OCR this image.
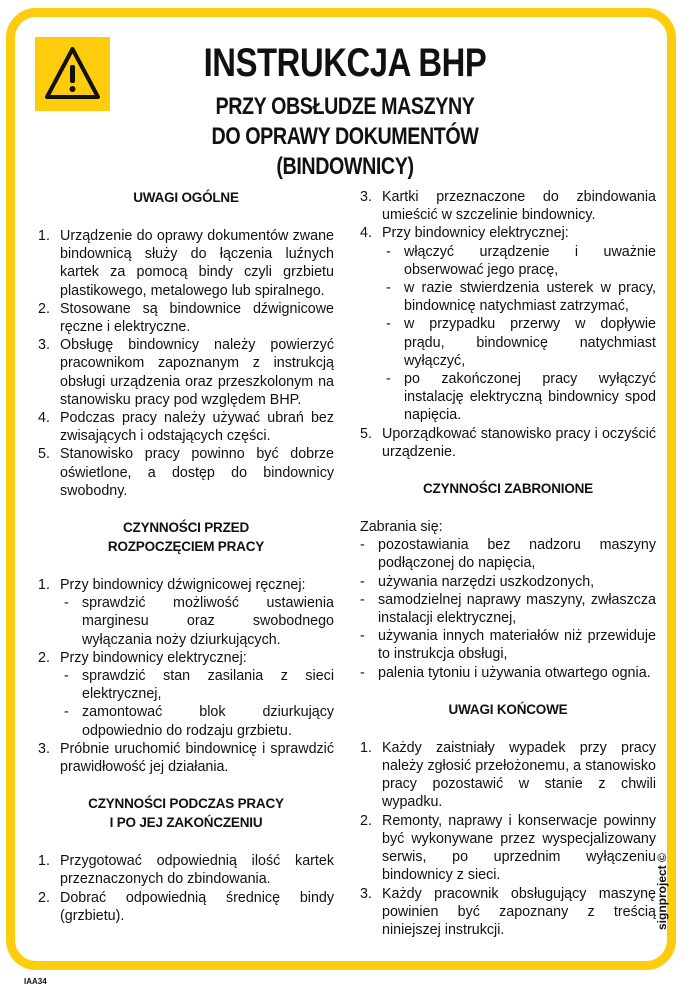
INSTRUKCJA BHP
PRZY OBSŁUDZE MASZYNY
DO OPRAWY DOKUMENTÓW (BINDOWNICY)

UWAGI OGÓLNE

1. Urządzenie do oprawy dokumentów zwane bindownicą służy do łączenia luźnych kartek za pomocą bindy czyli grzbietu plastikowego, metalowego lub spiralnego.
2. Stosowane są bindownice dźwignicowe ręczne i elektryczne.
3. Obsługę bindownicy należy powierzyć pracownikom zapoznanym z instrukcją obsługi urządzenia oraz przeszkolonym na stanowisku pracy pod względem BHP.
4. Podczas pracy należy używać ubrań bez zwisających i odstających części.
5. Stanowisko pracy powinno być dobrze oświetlone, a dostęp do bindownicy swobodny.

CZYNNOŚCI PRZED

ROZPOCZĘCIEM PRACY

1. Przy bindownicy dźwignicowej ręcznej:
- sprawdzić możliwość ustawienia marginesu oraz swobodnego wyłączania noży dziurkujących.
2. Przy bindownicy elektrycznej:
- sprawdzić stan zasilania z sieci elektrycznej,
- zamontować blok dziurkujący odpowiednio do rodzaju grzbietu.
3. Próbnie uruchomić bindownicę i sprawdzić prawidłowość jej działania.

CZYNNOŚCI PODCZAS PRACY

I PO JEJ ZAKOŃCZENIU

1. Przygotować odpowiednią ilość kartek przeznaczonych do zbindowania.
2. Dobrać odpowiednią średnicę bindy (grzbietu).
3. Kartki przeznaczone do zbindowania umieścić w szczelinie bindownicy.
4. Przy bindownicy elektrycznej:
- włączyć urządzenie i uważnie obserwować jego pracę,
- w razie stwierdzenia usterek w pracy, bindownicę natychmiast zatrzymać,
- w przypadku przerwy w dopływie prądu, bindownicę natychmiast wyłączyć,
- po zakończonej pracy wyłączyć instalację elektryczną bindownicy spod napięcia.
5. Uporządkować stanowisko pracy i oczyścić urządzenie.

CZYNNOŚCI ZABRONIONE

Zabrania się:

- pozostawiania bez nadzoru maszyny podłączonej do napięcia,
- używania narzędzi uszkodzonych,
- samodzielnej naprawy maszyny, zwłaszcza instalacji elektrycznej,
- używania innych materiałów niż przewiduje to instrukcja obsługi,
- palenia tytoniu i używania otwartego ognia.

UWAGI KOŃCOWE

1. Każdy zaistniały wypadek przy pracy należy zgłosić przełożonemu, a stanowisko pracy pozostawić w stanie z chwili wypadku.
2. Remonty, naprawy i konserwacje powinny być wykonywane przez wyspecjalizowany serwis, po uprzednim wyłączeniu bindownicy z sieci.
3. Każdy pracownik obsługujący maszynę powinien być zapoznany z treścią niniejszej instrukcji.	signproject ©
IAA34
